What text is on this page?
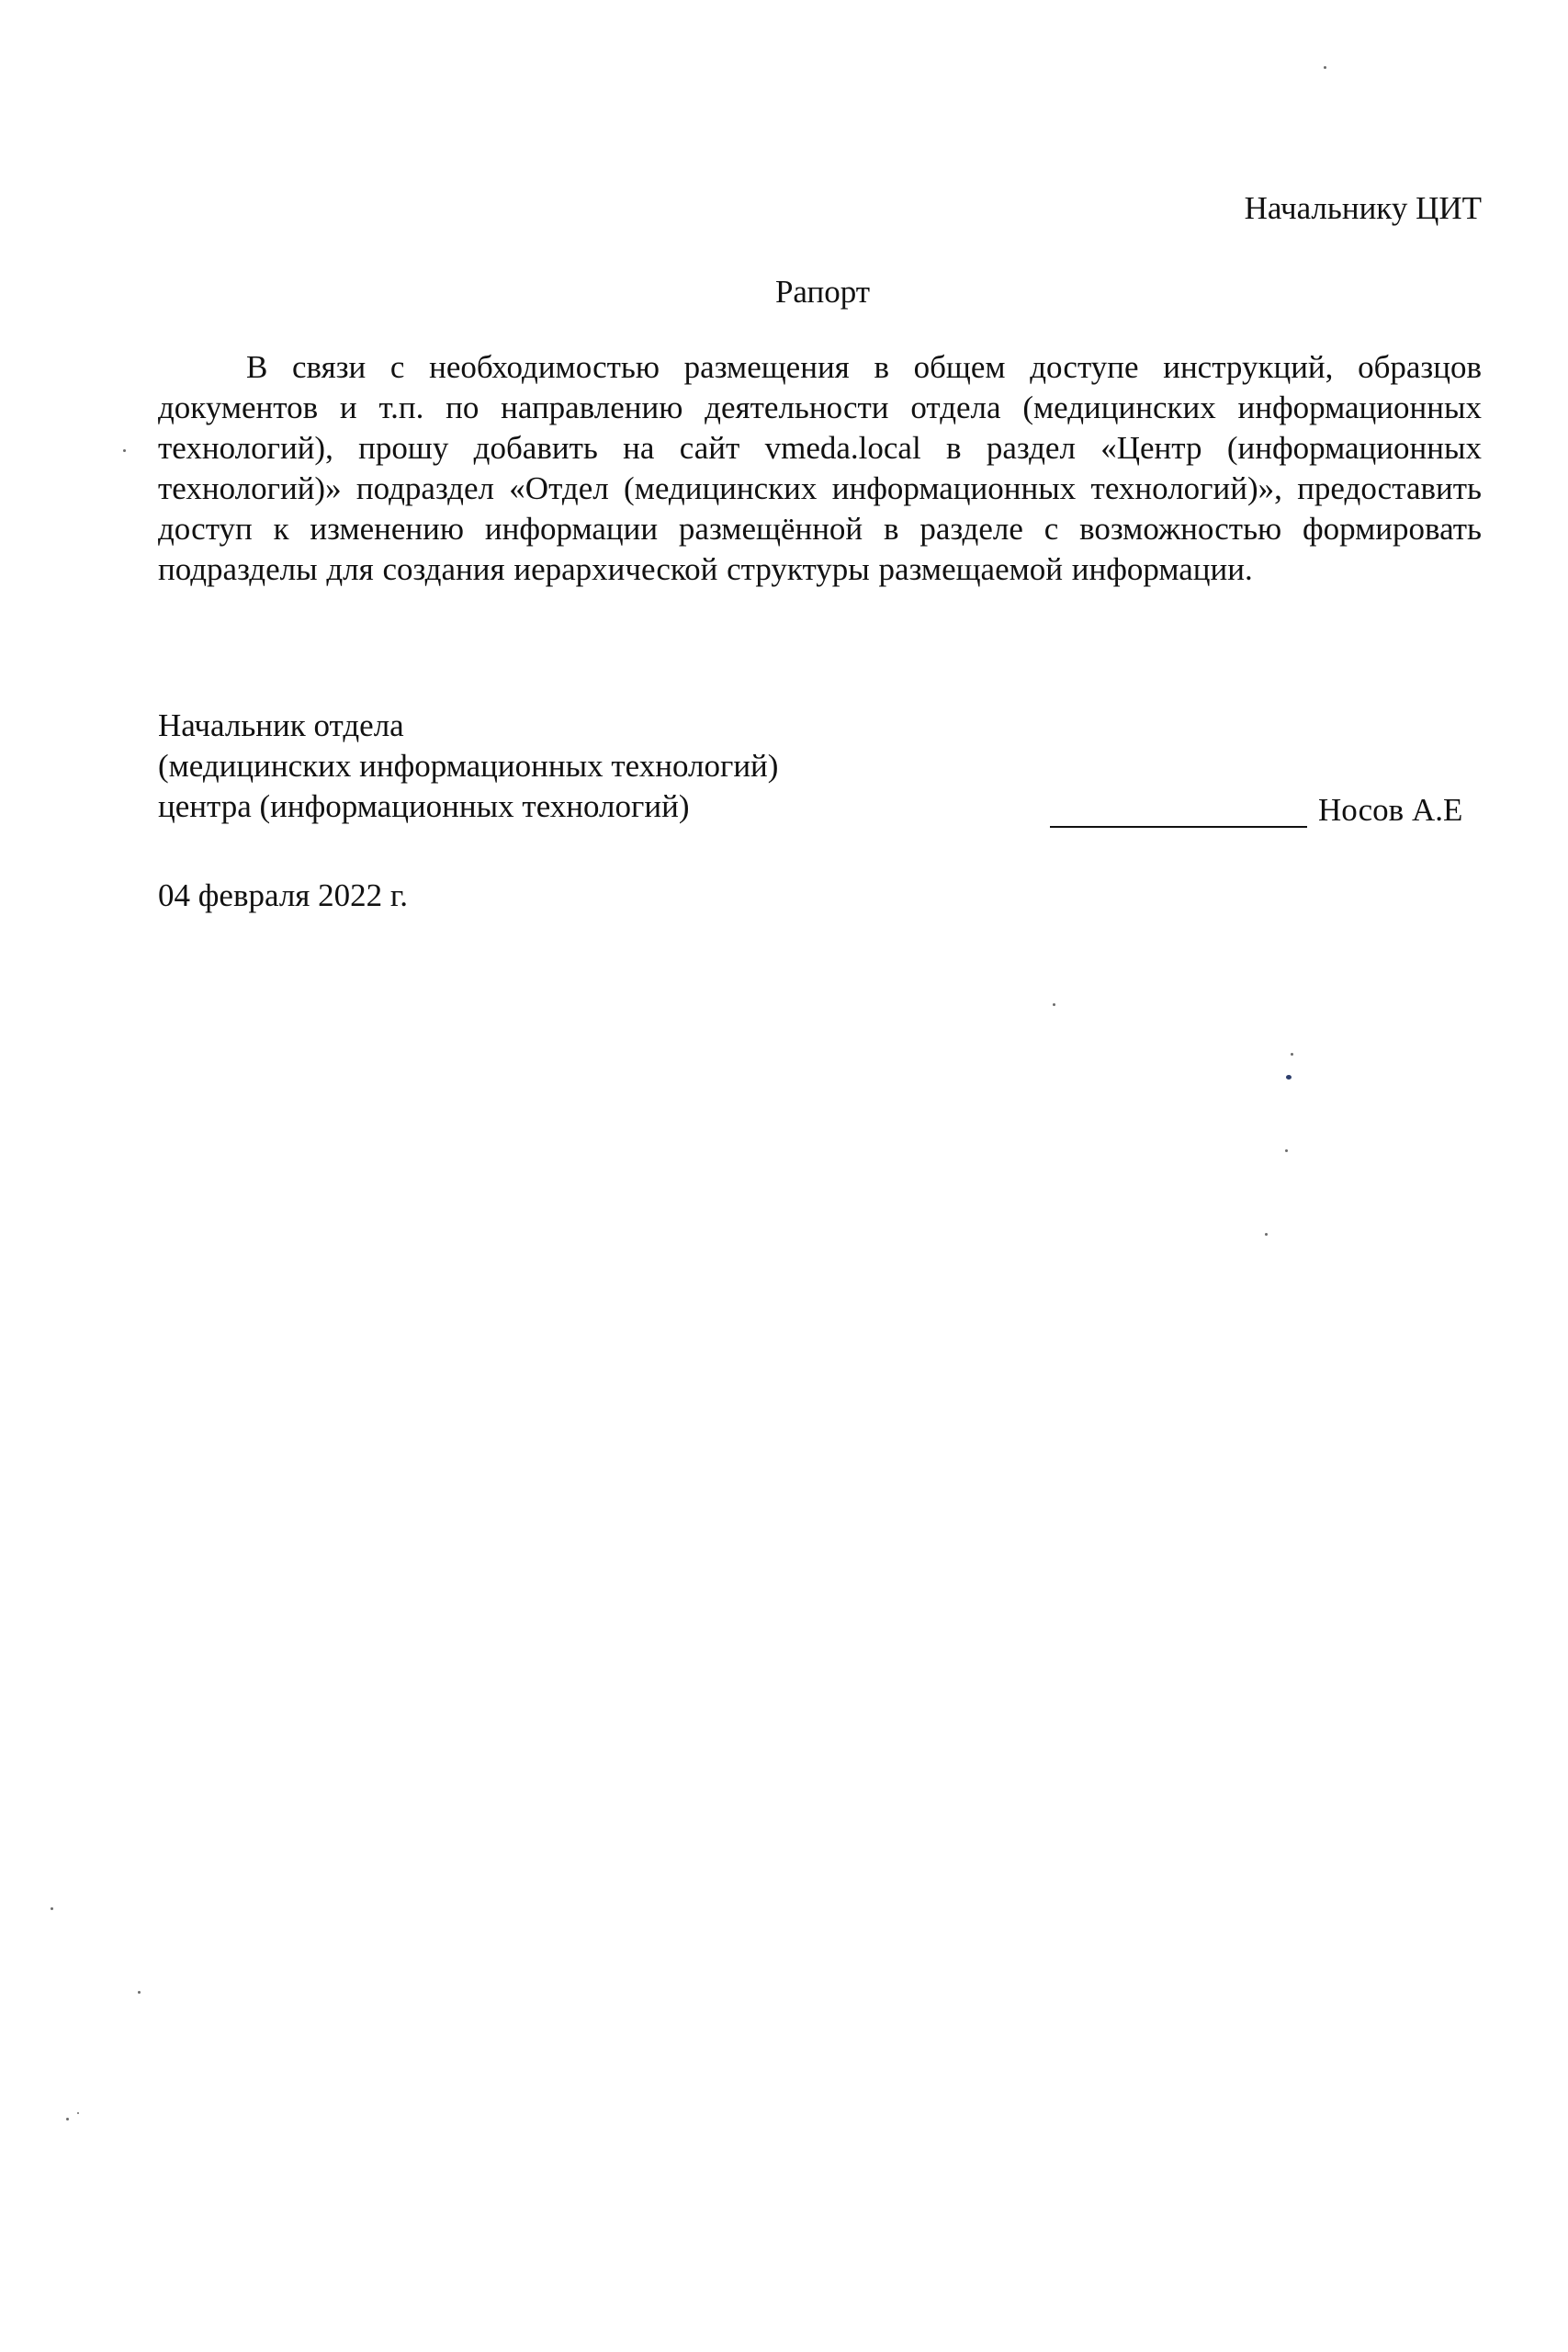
Начальнику ЦИТ
Рапорт

В связи с необходимостью размещения в общем доступе инструкций, образцов документов и т.п. по направлению деятельности отдела (медицинских информационных технологий), прошу добавить на сайт vmeda.local в раздел «Центр (информационных технологий)» подраздел «Отдел (медицинских информационных технологий)», предоставить доступ к изменению информации размещённой в разделе с возможностью формировать подразделы для создания иерархической структуры размещаемой информации.

Начальник отдела
(медицинских информационных технологий)
центра (информационных технологий)	Носов А.Е
04 февраля 2022 г.
